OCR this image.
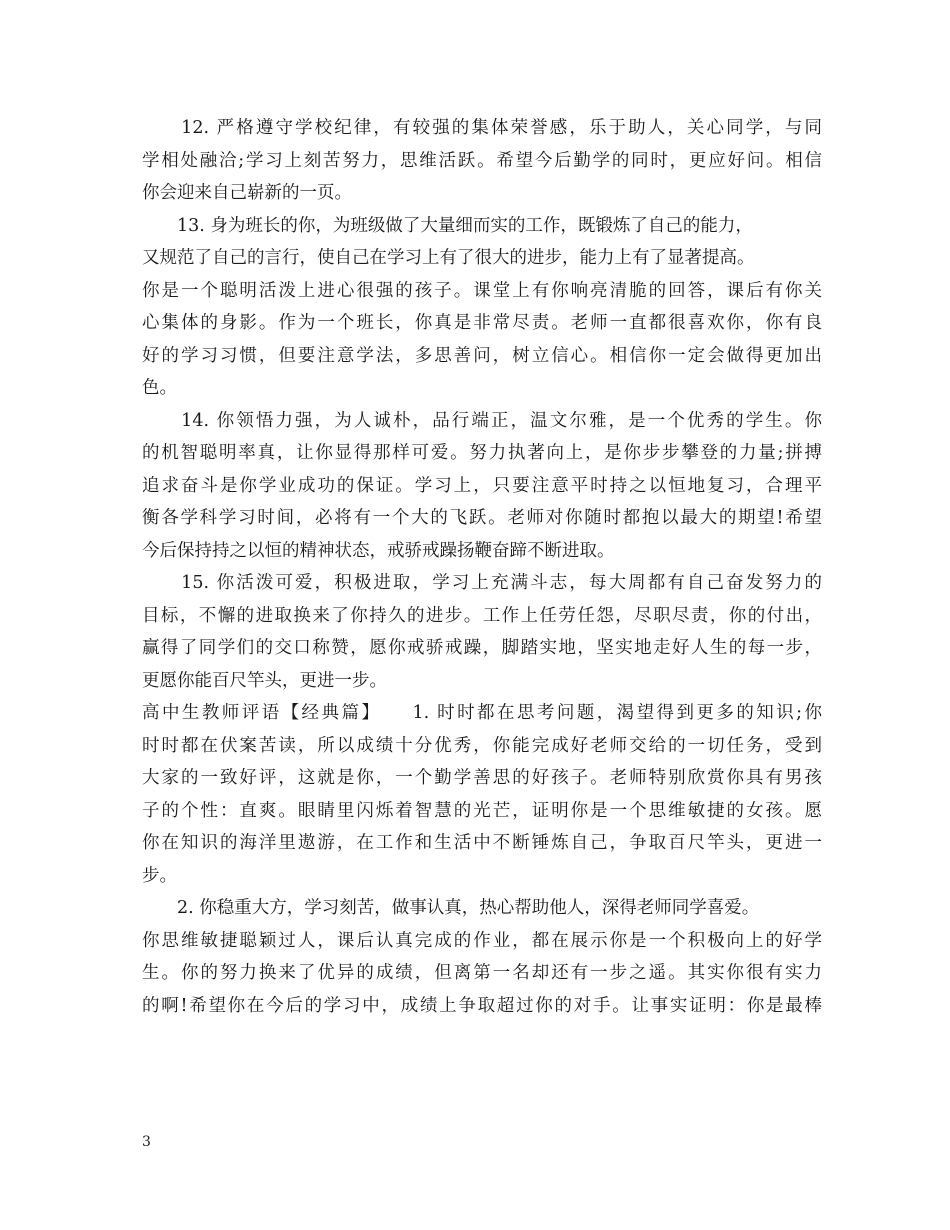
　　12. 严格遵守学校纪律，有较强的集体荣誉感，乐于助人，关心同学，与同
学相处融洽;学习上刻苦努力，思维活跃。希望今后勤学的同时，更应好问。相信
你会迎来自己崭新的一页。
　　13. 身为班长的你，为班级做了大量细而实的工作，既锻炼了自己的能力，
又规范了自己的言行，使自己在学习上有了很大的进步，能力上有了显著提高。
你是一个聪明活泼上进心很强的孩子。课堂上有你响亮清脆的回答，课后有你关
心集体的身影。作为一个班长，你真是非常尽责。老师一直都很喜欢你，你有良
好的学习习惯，但要注意学法，多思善问，树立信心。相信你一定会做得更加出
色。
　　14. 你领悟力强，为人诚朴，品行端正，温文尔雅，是一个优秀的学生。你
的机智聪明率真，让你显得那样可爱。努力执著向上，是你步步攀登的力量;拼搏
追求奋斗是你学业成功的保证。学习上，只要注意平时持之以恒地复习，合理平
衡各学科学习时间，必将有一个大的飞跃。老师对你随时都抱以最大的期望!希望
今后保持持之以恒的精神状态，戒骄戒躁扬鞭奋蹄不断进取。
　　15. 你活泼可爱，积极进取，学习上充满斗志，每大周都有自己奋发努力的
目标，不懈的进取换来了你持久的进步。工作上任劳任怨，尽职尽责，你的付出，
赢得了同学们的交口称赞，愿你戒骄戒躁，脚踏实地，坚实地走好人生的每一步，
更愿你能百尺竿头，更进一步。
高中生教师评语【经典篇】　　1. 时时都在思考问题，渴望得到更多的知识;你
时时都在伏案苦读，所以成绩十分优秀，你能完成好老师交给的一切任务，受到
大家的一致好评，这就是你，一个勤学善思的好孩子。老师特别欣赏你具有男孩
子的个性：直爽。眼睛里闪烁着智慧的光芒，证明你是一个思维敏捷的女孩。愿
你在知识的海洋里遨游，在工作和生活中不断锤炼自己，争取百尺竿头，更进一
步。
　　2. 你稳重大方，学习刻苦，做事认真，热心帮助他人，深得老师同学喜爱。
你思维敏捷聪颖过人，课后认真完成的作业，都在展示你是一个积极向上的好学
生。你的努力换来了优异的成绩，但离第一名却还有一步之遥。其实你很有实力
的啊!希望你在今后的学习中，成绩上争取超过你的对手。让事实证明：你是最棒
3
